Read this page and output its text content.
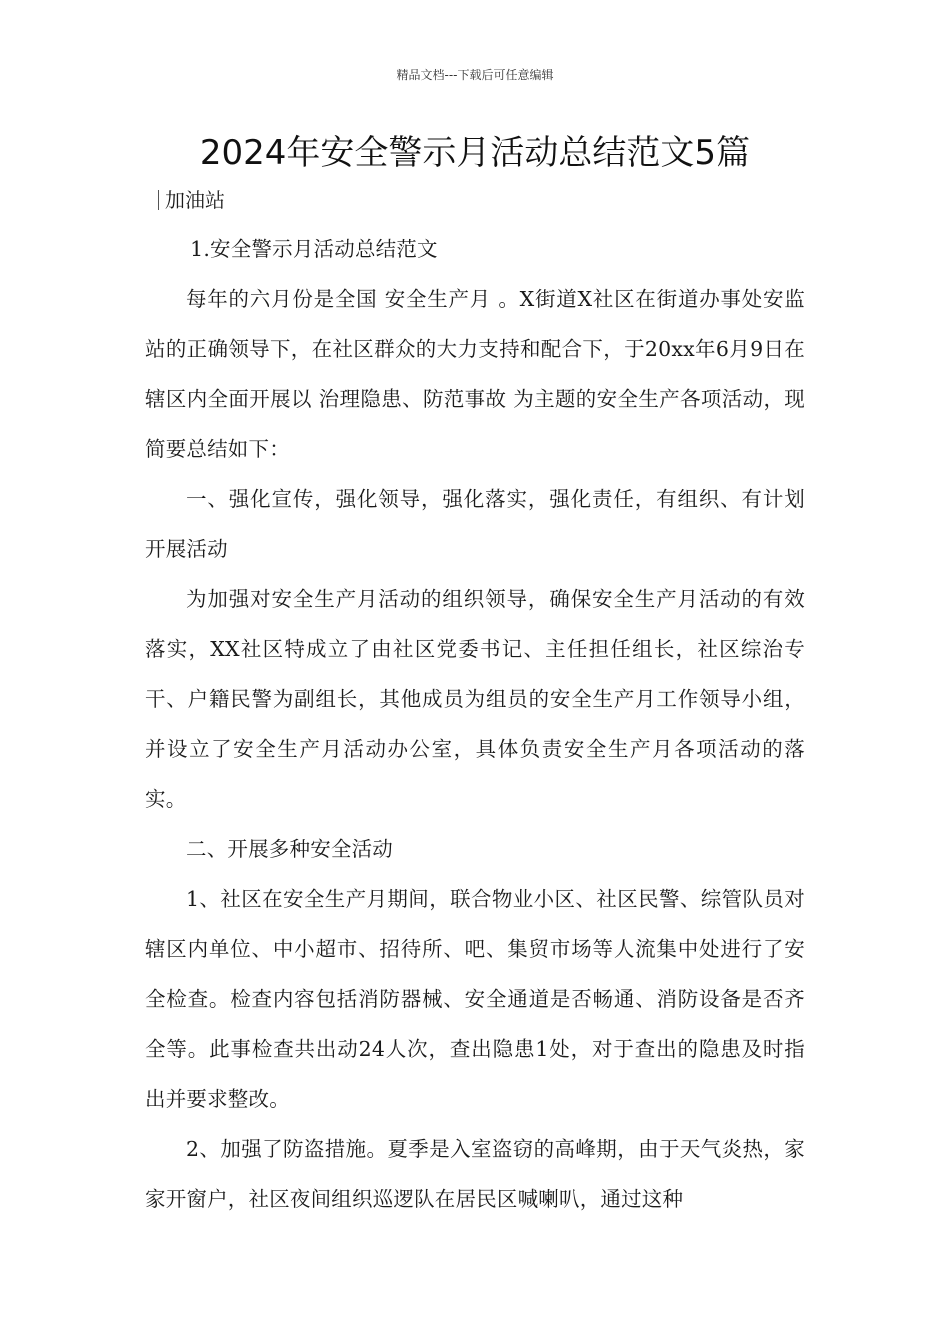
精品文档---下载后可任意编辑
2024年安全警示月活动总结范文5篇
加油站

1.安全警示月活动总结范文

每年的六月份是全国 安全生产月 。X街道X社区在街道办事处安监站的正确领导下，在社区群众的大力支持和配合下，于20xx年6月9日在辖区内全面开展以 治理隐患、防范事故 为主题的安全生产各项活动，现简要总结如下：

一、强化宣传，强化领导，强化落实，强化责任，有组织、有计划开展活动

为加强对安全生产月活动的组织领导，确保安全生产月活动的有效落实，XX社区特成立了由社区党委书记、主任担任组长，社区综治专干、户籍民警为副组长，其他成员为组员的安全生产月工作领导小组，并设立了安全生产月活动办公室，具体负责安全生产月各项活动的落实。

二、开展多种安全活动

1、社区在安全生产月期间，联合物业小区、社区民警、综管队员对辖区内单位、中小超市、招待所、吧、集贸市场等人流集中处进行了安全检查。检查内容包括消防器械、安全通道是否畅通、消防设备是否齐全等。此事检查共出动24人次，查出隐患1处，对于查出的隐患及时指出并要求整改。

2、加强了防盗措施。夏季是入室盗窃的高峰期，由于天气炎热，家家开窗户，社区夜间组织巡逻队在居民区喊喇叭，通过这种
